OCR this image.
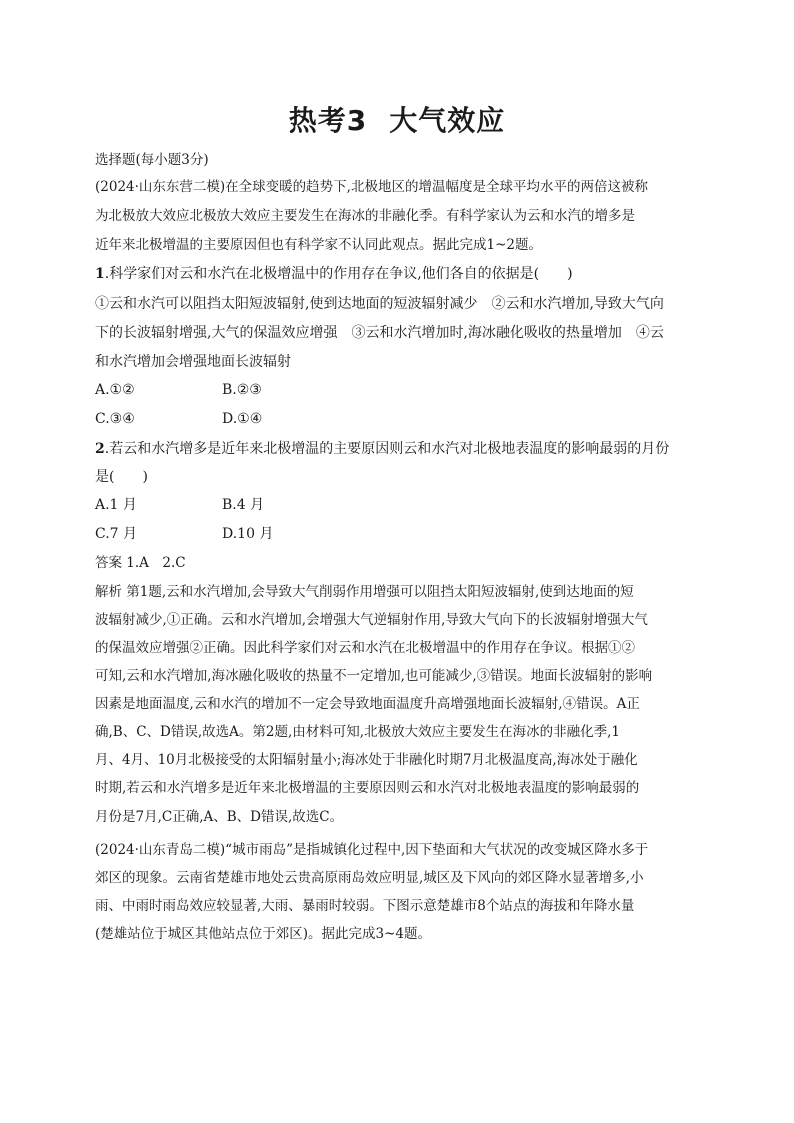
热考3 大气效应
选择题(每小题3分)
(2024·山东东营二模)在全球变暖的趋势下,北极地区的增温幅度是全球平均水平的两倍这被称
为北极放大效应北极放大效应主要发生在海冰的非融化季。有科学家认为云和水汽的增多是
近年来北极增温的主要原因但也有科学家不认同此观点。据此完成1~2题。
1.科学家们对云和水汽在北极增温中的作用存在争议,他们各自的依据是(　　)
①云和水汽可以阻挡太阳短波辐射,使到达地面的短波辐射减少　②云和水汽增加,导致大气向
下的长波辐射增强,大气的保温效应增强　③云和水汽增加时,海冰融化吸收的热量增加　④云
和水汽增加会增强地面长波辐射
A.①②	B.②③
C.③④	D.①④
2.若云和水汽增多是近年来北极增温的主要原因则云和水汽对北极地表温度的影响最弱的月份
是(　　)
A.1 月	B.4 月
C.7 月	D.10 月
答案 1.A　2.C
解析 第1题,云和水汽增加,会导致大气削弱作用增强可以阻挡太阳短波辐射,使到达地面的短
波辐射减少,①正确。云和水汽增加,会增强大气逆辐射作用,导致大气向下的长波辐射增强大气
的保温效应增强②正确。因此科学家们对云和水汽在北极增温中的作用存在争议。根据①②
可知,云和水汽增加,海冰融化吸收的热量不一定增加,也可能减少,③错误。地面长波辐射的影响
因素是地面温度,云和水汽的增加不一定会导致地面温度升高增强地面长波辐射,④错误。A正
确,B、C、D错误,故选A。第2题,由材料可知,北极放大效应主要发生在海冰的非融化季,1
月、4月、10月北极接受的太阳辐射量小;海冰处于非融化时期7月北极温度高,海冰处于融化
时期,若云和水汽增多是近年来北极增温的主要原因则云和水汽对北极地表温度的影响最弱的
月份是7月,C正确,A、B、D错误,故选C。
(2024·山东青岛二模)“城市雨岛”是指城镇化过程中,因下垫面和大气状况的改变城区降水多于
郊区的现象。云南省楚雄市地处云贵高原雨岛效应明显,城区及下风向的郊区降水显著增多,小
雨、中雨时雨岛效应较显著,大雨、暴雨时较弱。下图示意楚雄市8个站点的海拔和年降水量
(楚雄站位于城区其他站点位于郊区)。据此完成3~4题。
